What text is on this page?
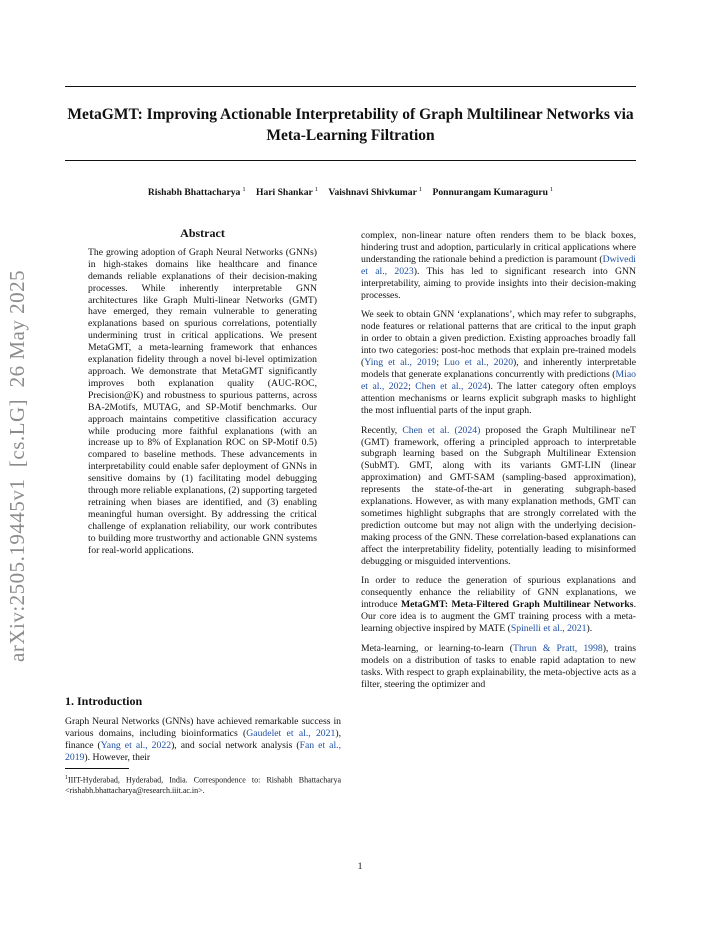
MetaGMT: Improving Actionable Interpretability of Graph Multilinear Networks via Meta-Learning Filtration
Rishabh Bhattacharya $^1$ Hari Shankar $^1$ Vaishnavi Shivkumar $^1$ Ponnurangam Kumaraguru $^1$
arXiv:2505.19445v1  [cs.LG]  26 May 2025
Abstract

The growing adoption of Graph Neural Networks (GNNs) in high-stakes domains like healthcare and finance demands reliable explanations of their decision-making processes. While inherently interpretable GNN architectures like Graph Multi-linear Networks (GMT) have emerged, they remain vulnerable to generating explanations based on spurious correlations, potentially undermining trust in critical applications. We present MetaGMT, a meta-learning framework that enhances explanation fidelity through a novel bi-level optimization approach. We demonstrate that MetaGMT significantly improves both explanation quality (AUC-ROC, Precision@K) and robustness to spurious patterns, across BA-2Motifs, MUTAG, and SP-Motif benchmarks. Our approach maintains competitive classification accuracy while producing more faithful explanations (with an increase up to 8% of Explanation ROC on SP-Motif 0.5) compared to baseline methods. These advancements in interpretability could enable safer deployment of GNNs in sensitive domains by (1) facilitating model debugging through more reliable explanations, (2) supporting targeted retraining when biases are identified, and (3) enabling meaningful human oversight. By addressing the critical challenge of explanation reliability, our work contributes to building more trustworthy and actionable GNN systems for real-world applications.

1. Introduction

Graph Neural Networks (GNNs) have achieved remarkable success in various domains, including bioinformatics (Gaudelet et al., 2021), finance (Yang et al., 2022), and social network analysis (Fan et al., 2019). However, their

$^1$IIIT-Hyderabad, Hyderabad, India. Correspondence to: Rishabh Bhattacharya <rishabh.bhattacharya@research.iiit.ac.in>.

complex, non-linear nature often renders them to be black boxes, hindering trust and adoption, particularly in critical applications where understanding the rationale behind a prediction is paramount (Dwivedi et al., 2023). This has led to significant research into GNN interpretability, aiming to provide insights into their decision-making processes.

We seek to obtain GNN ‘explanations’, which may refer to subgraphs, node features or relational patterns that are critical to the input graph in order to obtain a given prediction. Existing approaches broadly fall into two categories: post-hoc methods that explain pre-trained models (Ying et al., 2019; Luo et al., 2020), and inherently interpretable models that generate explanations concurrently with predictions (Miao et al., 2022; Chen et al., 2024). The latter category often employs attention mechanisms or learns explicit subgraph masks to highlight the most influential parts of the input graph.

Recently, Chen et al. (2024) proposed the Graph Multilinear neT (GMT) framework, offering a principled approach to interpretable subgraph learning based on the Subgraph Multilinear Extension (SubMT). GMT, along with its variants GMT-LIN (linear approximation) and GMT-SAM (sampling-based approximation), represents the state-of-the-art in generating subgraph-based explanations. However, as with many explanation methods, GMT can sometimes highlight subgraphs that are strongly correlated with the prediction outcome but may not align with the underlying decision-making process of the GNN. These correlation-based explanations can affect the interpretability fidelity, potentially leading to misinformed debugging or misguided interventions.

In order to reduce the generation of spurious explanations and consequently enhance the reliability of GNN explanations, we introduce MetaGMT: Meta-Filtered Graph Multilinear Networks. Our core idea is to augment the GMT training process with a meta-learning objective inspired by MATE (Spinelli et al., 2021).

Meta-learning, or learning-to-learn (Thrun & Pratt, 1998), trains models on a distribution of tasks to enable rapid adaptation to new tasks. With respect to graph explainability, the meta-objective acts as a filter, steering the optimizer and

1
